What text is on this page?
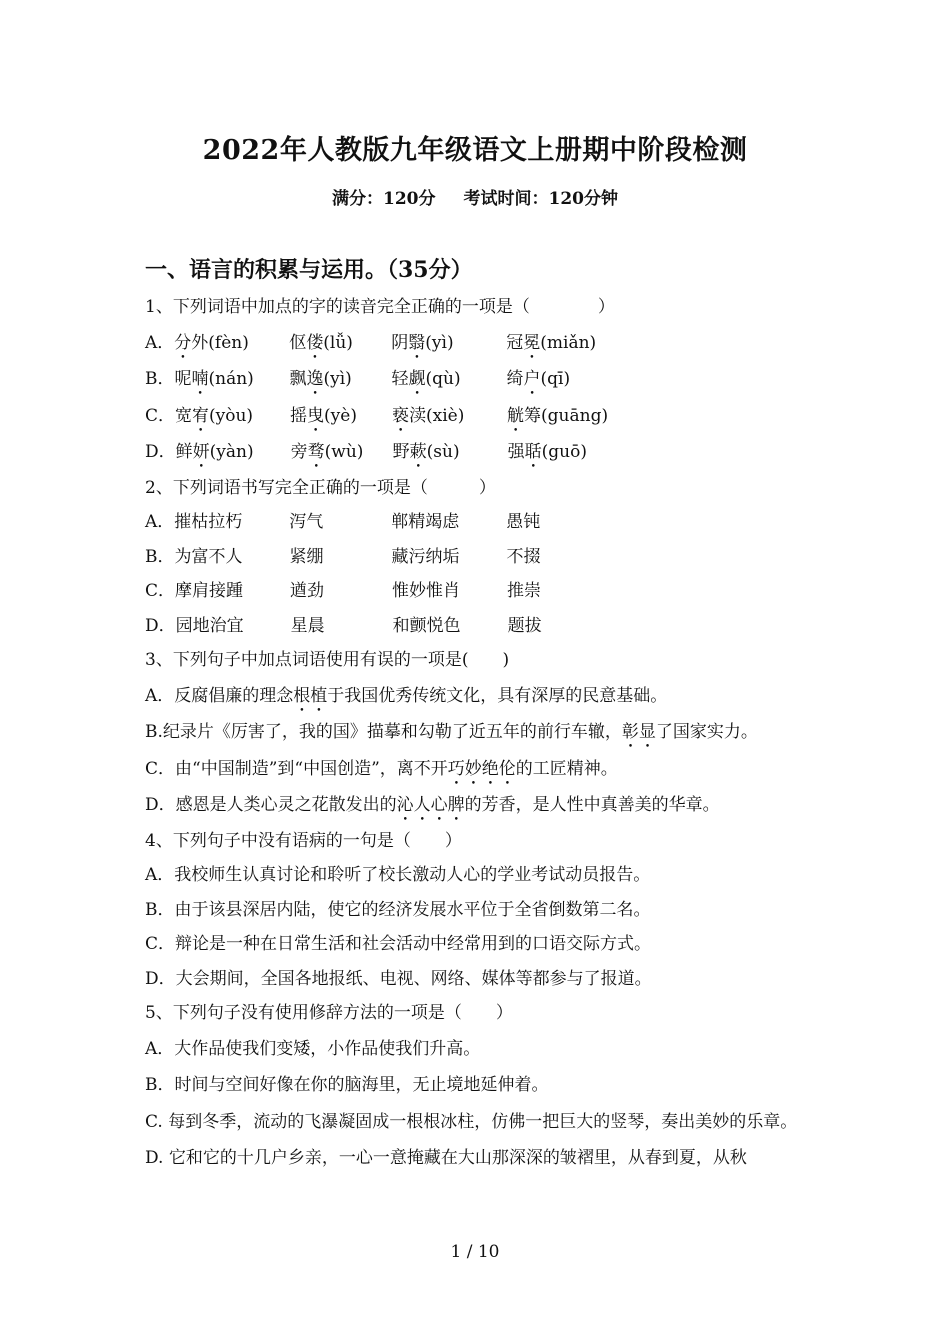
2022年人教版九年级语文上册期中阶段检测
满分：120分 考试时间：120分钟
一、语言的积累与运用。（35分）
1、下列词语中加点的字的读音完全正确的一项是（　　　　）
A．分外(fèn) 伛偻(lǚ) 阴翳(yì)	冠冕(miǎn)
B．呢喃(nán) 飘逸(yì) 轻觑(qù)	绮户(qī)
C．宽宥(yòu) 摇曳(yè) 亵渎(xiè)	觥筹(guāng)
D．鲜妍(yàn) 旁骛(wù) 野蔌(sù)	强聒(guō)
2、下列词语书写完全正确的一项是（　　　）
A．摧枯拉朽	泻气	郸精竭虑	愚钝
B．为富不人	紧绷	藏污纳垢	不掇
C．摩肩接踵	遒劲	惟妙惟肖	推崇
D．园地治宜	星晨	和颤悦色	题拔
3、下列句子中加点词语使用有误的一项是(　　)
A．反腐倡廉的理念根植于我国优秀传统文化，具有深厚的民意基础。
B.纪录片《厉害了，我的国》描摹和勾勒了近五年的前行车辙，彰显了国家实力。
C．由“中国制造”到“中国创造”，离不开巧妙绝伦的工匠精神。
D．感恩是人类心灵之花散发出的沁人心脾的芳香，是人性中真善美的华章。
4、下列句子中没有语病的一句是（　　）
A．我校师生认真讨论和聆听了校长激动人心的学业考试动员报告。
B．由于该县深居内陆，使它的经济发展水平位于全省倒数第二名。
C．辩论是一种在日常生活和社会活动中经常用到的口语交际方式。
D．大会期间，全国各地报纸、电视、网络、媒体等都参与了报道。
5、下列句子没有使用修辞方法的一项是（　　）
A．大作品使我们变矮，小作品使我们升高。
B．时间与空间好像在你的脑海里，无止境地延伸着。
C. 每到冬季，流动的飞瀑凝固成一根根冰柱，仿佛一把巨大的竖琴，奏出美妙的乐章。
D. 它和它的十几户乡亲，一心一意掩藏在大山那深深的皱褶里，从春到夏，从秋
1 / 10
